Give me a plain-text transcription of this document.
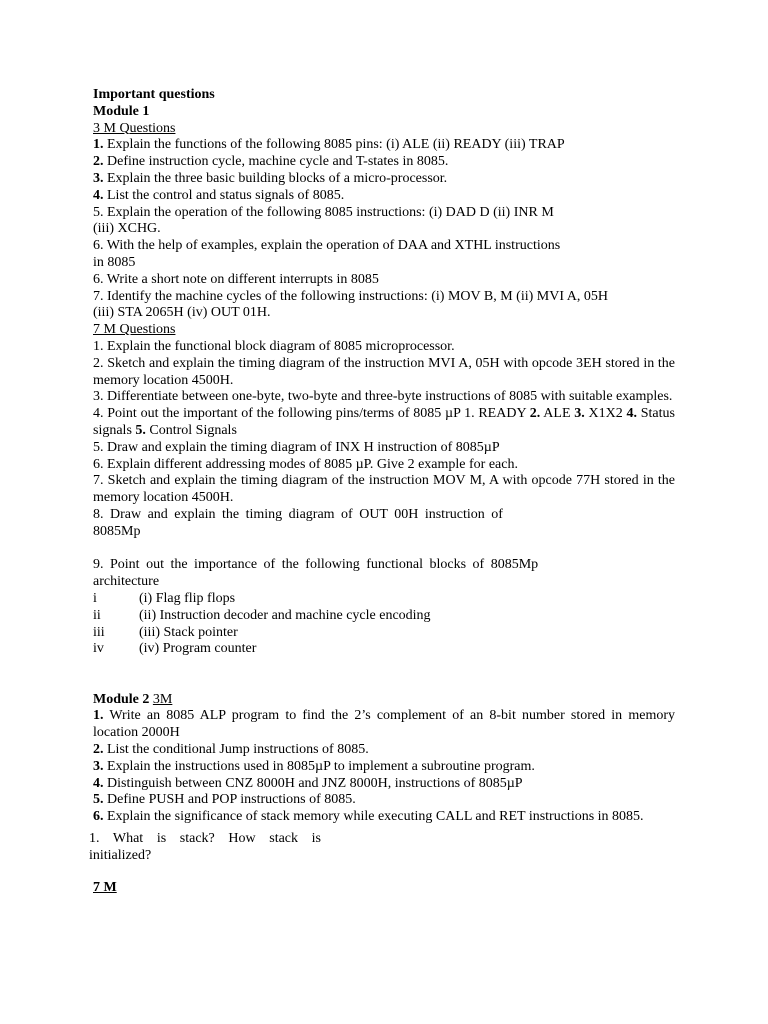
Important questions
Module 1
3 M Questions
1. Explain the functions of the following 8085 pins: (i) ALE (ii) READY (iii) TRAP
2. Define instruction cycle, machine cycle and T-states in 8085.
3. Explain the three basic building blocks of a micro-processor.
4. List the control and status signals of 8085.
5. Explain the operation of the following 8085 instructions: (i) DAD D (ii) INR M
(iii) XCHG.
6. With the help of examples, explain the operation of DAA and XTHL instructions
in 8085
6. Write a short note on different interrupts in 8085
7. Identify the machine cycles of the following instructions: (i) MOV B, M (ii) MVI A, 05H
(iii) STA 2065H (iv) OUT 01H.
7 M Questions
1. Explain the functional block diagram of 8085 microprocessor.
2. Sketch and explain the timing diagram of the instruction MVI A, 05H with opcode 3EH stored in the memory location 4500H.
3. Differentiate between one-byte, two-byte and three-byte instructions of 8085 with suitable examples.
4. Point out the important of the following pins/terms of 8085 µP 1. READY 2. ALE 3. X1X2 4. Status signals 5. Control Signals
5. Draw and explain the timing diagram of INX H instruction of 8085µP
6. Explain different addressing modes of 8085 µP. Give 2 example for each.
7. Sketch and explain the timing diagram of the instruction MOV M, A with opcode 77H stored in the memory location 4500H.
8. Draw and explain the timing diagram of OUT 00H instruction of
8085Mp
9. Point out the importance of the following functional blocks of 8085Mp
architecture
i	(i) Flag flip flops
ii	(ii) Instruction decoder and machine cycle encoding
iii	(iii) Stack pointer
iv	(iv) Program counter
Module 2 3M
1. Write an 8085 ALP program to find the 2’s complement of an 8-bit number stored in memory location 2000H
2. List the conditional Jump instructions of 8085.
3. Explain the instructions used in 8085µP to implement a subroutine program.
4. Distinguish between CNZ 8000H and JNZ 8000H, instructions of 8085µP
5. Define PUSH and POP instructions of 8085.
6. Explain the significance of stack memory while executing CALL and RET instructions in 8085.
1. What is stack? How stack is initialized?
7 M
